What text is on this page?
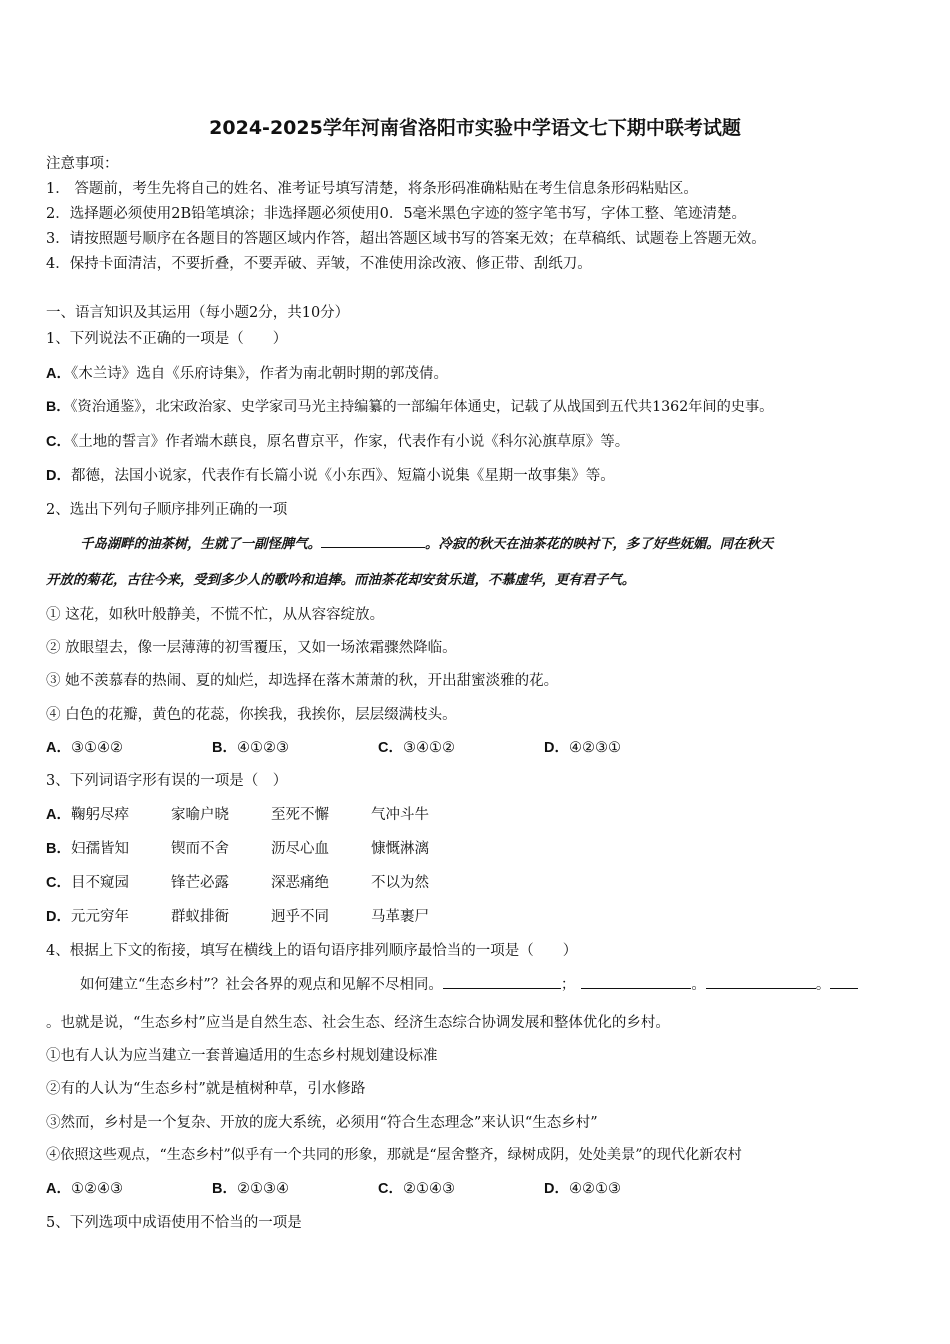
2024-2025学年河南省洛阳市实验中学语文七下期中联考试题
注意事项：
1． 答题前，考生先将自己的姓名、准考证号填写清楚，将条形码准确粘贴在考生信息条形码粘贴区。
2．选择题必须使用2B铅笔填涂；非选择题必须使用0．5毫米黑色字迹的签字笔书写，字体工整、笔迹清楚。
3．请按照题号顺序在各题目的答题区域内作答，超出答题区域书写的答案无效；在草稿纸、试题卷上答题无效。
4．保持卡面清洁，不要折叠，不要弄破、弄皱，不准使用涂改液、修正带、刮纸刀。
一、语言知识及其运用（每小题2分，共10分）
1、下列说法不正确的一项是（　　）
A．《木兰诗》选自《乐府诗集》，作者为南北朝时期的郭茂倩。
B．《资治通鉴》，北宋政治家、史学家司马光主持编纂的一部编年体通史，记载了从战国到五代共1362年间的史事。
C．《土地的誓言》作者端木蕻良，原名曹京平，作家，代表作有小说《科尔沁旗草原》等。
D．都德，法国小说家，代表作有长篇小说《小东西》、短篇小说集《星期一故事集》等。
2、选出下列句子顺序排列正确的一项
千岛湖畔的油茶树，生就了一副怪脾气。	。冷寂的秋天在油茶花的映衬下，多了好些妩媚。同在秋天
开放的菊花，古往今来，受到多少人的歌吟和追捧。而油茶花却安贫乐道，不慕虚华，更有君子气。
① 这花，如秋叶般静美，不慌不忙，从从容容绽放。
② 放眼望去，像一层薄薄的初雪覆压，又如一场浓霜骤然降临。
③ 她不羡慕春的热闹、夏的灿烂，却选择在落木萧萧的秋，开出甜蜜淡雅的花。
④ 白色的花瓣，黄色的花蕊，你挨我，我挨你，层层缀满枝头。
A．③①④②	B．④①②③	C．③④①②	D．④②③①
3、下列词语字形有误的一项是（　）
A．鞠躬尽瘁	家喻户晓	至死不懈	气冲斗牛
B．妇孺皆知	锲而不舍	沥尽心血	慷慨淋漓
C．目不窥园	锋芒必露	深恶痛绝	不以为然
D．元元穷年	群蚁排衙	迥乎不同	马革裹尸
4、根据上下文的衔接，填写在横线上的语句语序排列顺序最恰当的一项是（　　）
如何建立“生态乡村”？社会各界的观点和见解不尽相同。	；	。	。
。也就是说，“生态乡村”应当是自然生态、社会生态、经济生态综合协调发展和整体优化的乡村。
①也有人认为应当建立一套普遍适用的生态乡村规划建设标准
②有的人认为“生态乡村”就是植树种草，引水修路
③然而，乡村是一个复杂、开放的庞大系统，必须用“符合生态理念”来认识“生态乡村”
④依照这些观点，“生态乡村”似乎有一个共同的形象，那就是“屋舍整齐，绿树成阴，处处美景”的现代化新农村
A．①②④③	B．②①③④	C．②①④③	D．④②①③
5、下列选项中成语使用不恰当的一项是
